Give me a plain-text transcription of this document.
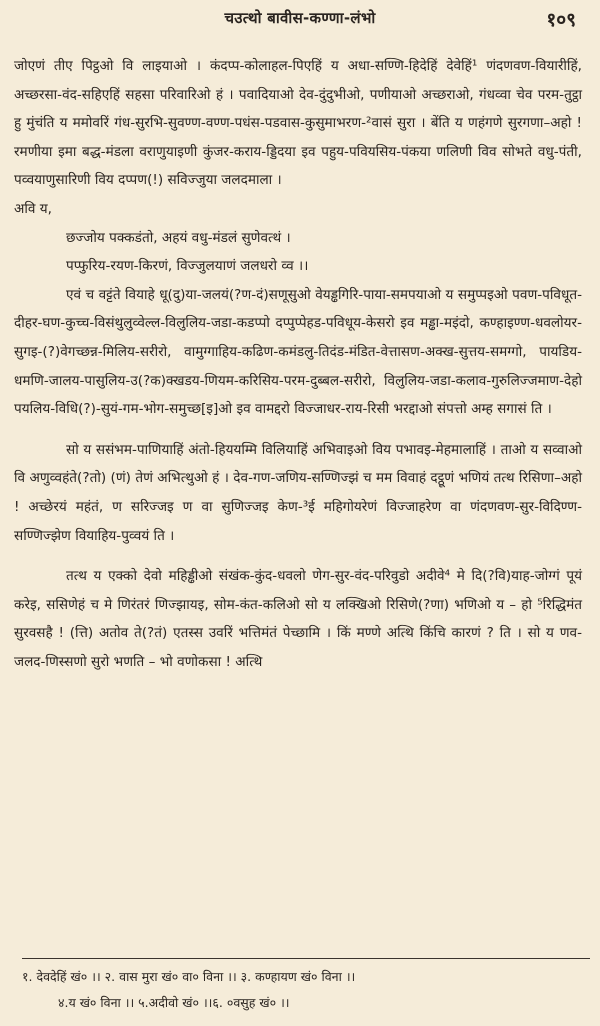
चउत्थो बावीस-कण्णा-लंभो	१०९

जोएणं तीए पिट्ठओ वि लाइयाओ । कंदप्प-कोलाहल-पिएहिं य अधा-सण्णि-हिदेहिं देवेहिं¹ णंदणवण-वियारीहिं, अच्छरसा-वंद-सहिएहिं सहसा परिवारिओ हं । पवादियाओ देव-दुंदुभीओ, पणीयाओ अच्छराओ, गंधव्वा चेव परम-तुट्ठा हु मुंचंति य ममोवरिं गंध-सुरभि-सुवण्ण-वण्ण-पधंस-पडवास-कुसुमाभरण-²वासं सुरा । बेंति य णहंगणे सुरगणा–अहो ! रमणीया इमा बद्ध-मंडला वराणुयाइणी कुंजर-कराय-ड्डिदया इव पहुय-पवियसिय-पंकया णलिणी विव सोभते वधु-पंती, पव्वयाणुसारिणी विय दप्पण(!) सविज्जुया जलदमाला ।

अवि य,

छज्जोय पक्कडंतो, अहयं वधु-मंडलं सुणेवत्थं ।
पप्फुरिय-रयण-किरणं, विज्जुलयाणं जलधरो व्व ।।

एवं च वट्टंते वियाहे धू(दु)या-जलयं(?ण-दं)सणूसुओ वेयड्ढगिरि-पाया-समपयाओ य समुप्पइओ पवण-पविधूत-दीहर-घण-कुच्च-विसंथुलुव्वेल्ल-विलुलिय-जडा-कडप्पो दप्पुप्पेहड-पविधूय-केसरो इव मड्ढा-मइंदो, कण्हाइण्ण-धवलोयर-सुगइ-(?)वेगच्छन्न-मिलिय-सरीरो, वामुग्गाहिय-कढिण-कमंडलु-तिदंड-मंडित-वेत्तासण-अक्ख-सुत्तय-समग्गो, पायडिय-धमणि-जालय-पासुलिय-उ(?क)क्खडय-णियम-करिसिय-परम-दुब्बल-सरीरो, विलुलिय-जडा-कलाव-गुरुलिज्जमाण-देहो पयलिय-विधि(?)-सुयं-गम-भोग-समुच्छ[इ]ओ इव वामद्दरो विज्जाधर-राय-रिसी भरद्दाओ संपत्तो अम्ह सगासं ति ।

सो य ससंभम-पाणियाहिं अंतो-हिययम्मि विलियाहिं अभिवाइओ विय पभावइ-मेहमालाहिं । ताओ य सव्वाओ वि अणुव्वहंते(?तो) (णं) तेणं अभित्थुओ हं । देव-गण-जणिय-सण्णिज्झं च मम विवाहं दट्ठूणं भणियं तत्थ रिसिणा–अहो ! अच्छेरयं महंतं, ण सरिज्जइ ण वा सुणिज्जइ केण-³ई महिगोयरेणं विज्जाहरेण वा णंदणवण-सुर-विदिण्ण-सण्णिज्झेण वियाहिय-पुव्वयं ति ।

तत्थ य एक्को देवो महिड्ढीओ संखंक-कुंद-धवलो णेग-सुर-वंद-परिवुडो अदीवे⁴ मे दि(?वि)याह-जोग्गं पूयं करेइ, ससिणेहं च मे णिरंतरं णिज्झायइ, सोम-कंत-कलिओ सो य लक्खिओ रिसिणे(?णा) भणिओ य – हो ⁵रिद्धिमंत सुरवसहै ! (त्ति) अतोव ते(?तं) एतस्स उवरिं भत्तिमंतं पेच्छामि । किं मण्णे अत्थि किंचि कारणं ? ति । सो य णव-जलद-णिस्सणो सुरो भणति – भो वणोकसा ! अत्थि

१. देवदेहिं खं० ।। २. वास मुरा खं० वा० विना ।। ३. कण्हायण खं० विना ।।
४.य खं० विना ।। ५.अदीवो खं० ।।६. ०वसुह खं० ।।
